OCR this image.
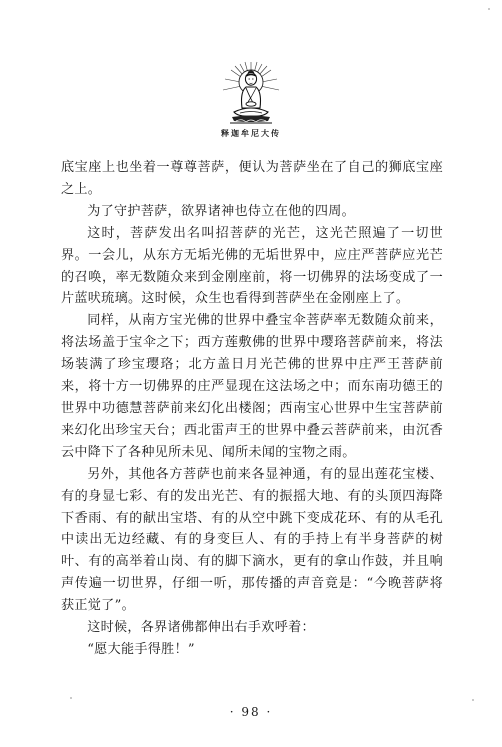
释迦牟尼大传

底宝座上也坐着一尊尊菩萨，便认为菩萨坐在了自己的狮底宝座之上。

为了守护菩萨，欲界诸神也侍立在他的四周。

这时，菩萨发出名叫招菩萨的光芒，这光芒照遍了一切世界。一会儿，从东方无垢光佛的无垢世界中，应庄严菩萨应光芒的召唤，率无数随众来到金刚座前，将一切佛界的法场变成了一片蓝吠琉璃。这时候，众生也看得到菩萨坐在金刚座上了。

同样，从南方宝光佛的世界中叠宝伞菩萨率无数随众前来，将法场盖于宝伞之下；西方莲敷佛的世界中璎珞菩萨前来，将法场装满了珍宝璎珞；北方盖日月光芒佛的世界中庄严王菩萨前来，将十方一切佛界的庄严显现在这法场之中；而东南功德王的世界中功德慧菩萨前来幻化出楼阁；西南宝心世界中生宝菩萨前来幻化出珍宝天台；西北雷声王的世界中叠云菩萨前来，由沉香云中降下了各种见所未见、闻所未闻的宝物之雨。

另外，其他各方菩萨也前来各显神通，有的显出莲花宝楼、有的身显七彩、有的发出光芒、有的振摇大地、有的头顶四海降下香雨、有的献出宝塔、有的从空中跳下变成花环、有的从毛孔中读出无边经藏、有的身变巨人、有的手持上有半身菩萨的树叶、有的高举着山岗、有的脚下滴水，更有的拿山作鼓，并且响声传遍一切世界，仔细一听，那传播的声音竟是：“今晚菩萨将获正觉了”。

这时候，各界诸佛都伸出右手欢呼着：

“愿大能手得胜！”

· 98 ·
